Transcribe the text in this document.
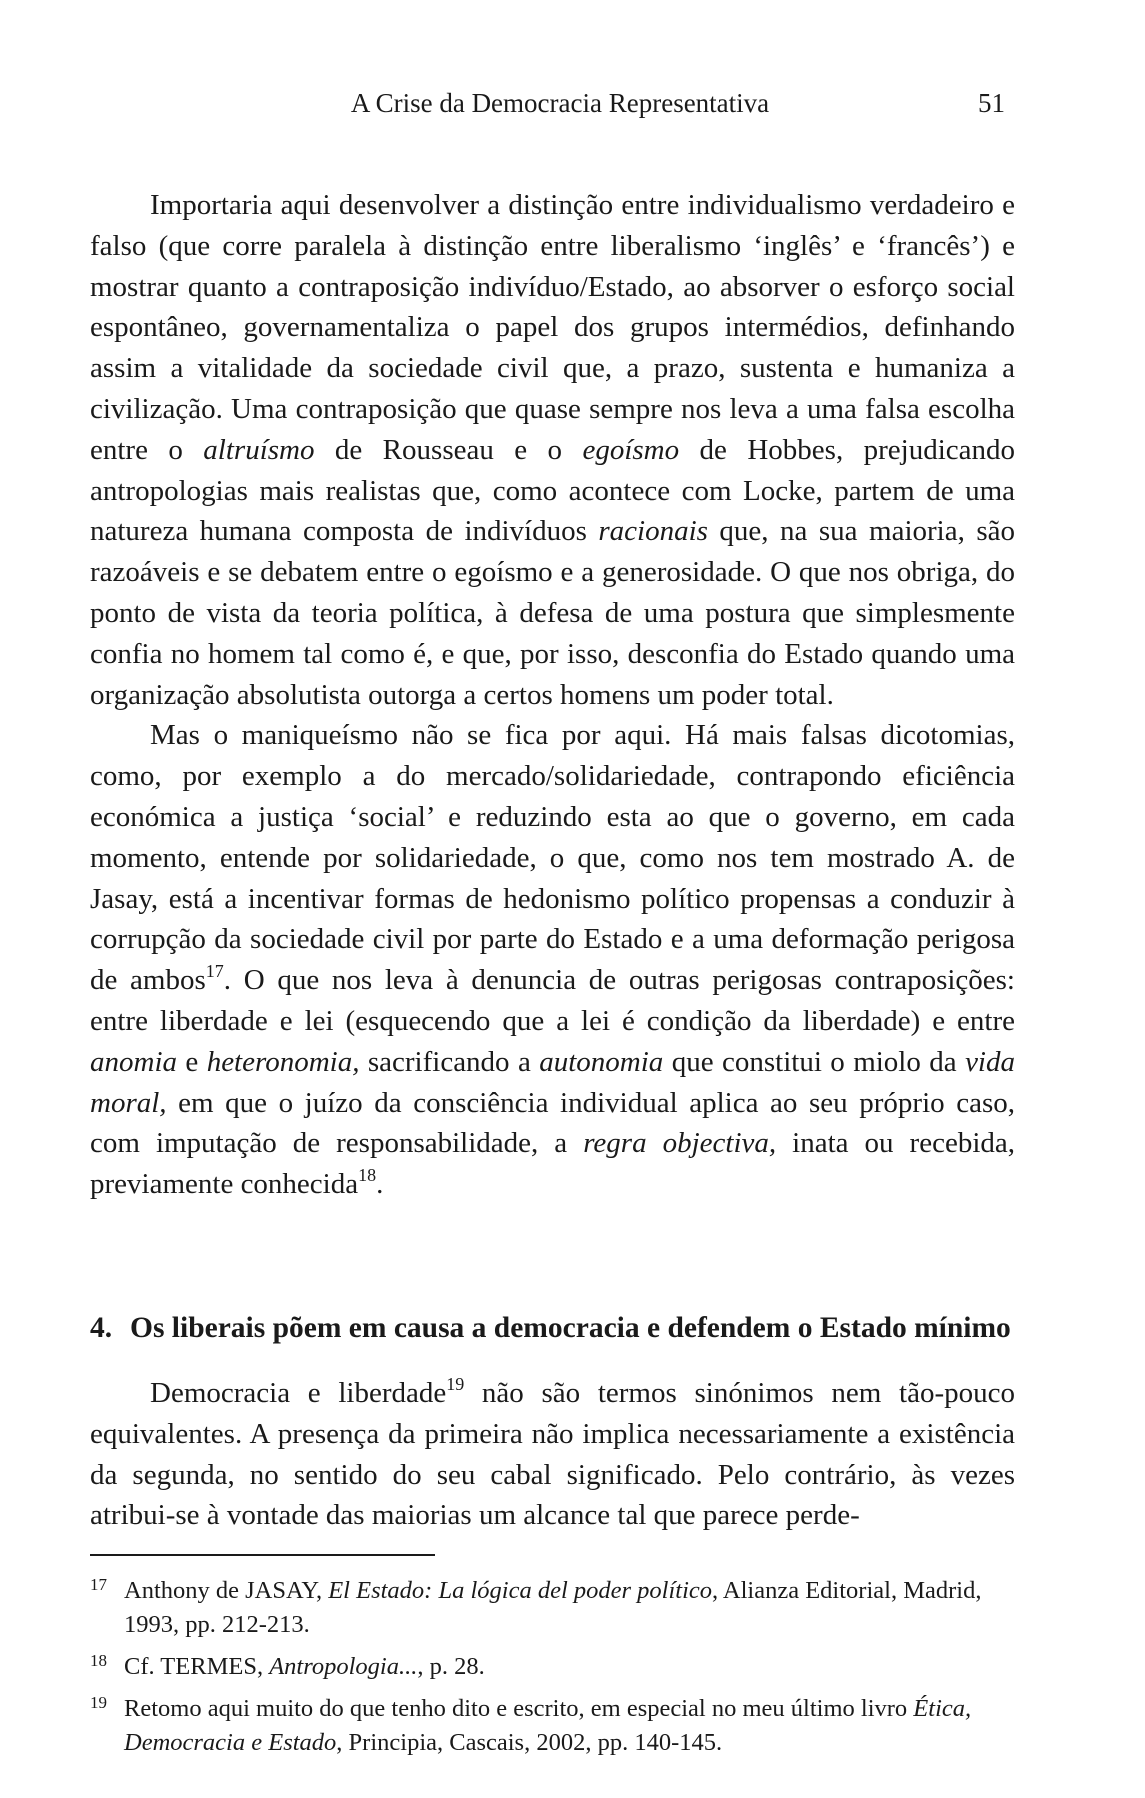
A Crise da Democracia Representativa	51

Importaria aqui desenvolver a distinção entre individualismo verdadeiro e falso (que corre paralela à distinção entre liberalismo ‘inglês’ e ‘francês’) e mostrar quanto a contraposição indivíduo/Estado, ao absorver o esforço social espontâneo, governamentaliza o papel dos grupos intermédios, definhando assim a vitalidade da sociedade civil que, a prazo, sustenta e humaniza a civilização. Uma contraposição que quase sempre nos leva a uma falsa escolha entre o altruísmo de Rousseau e o egoísmo de Hobbes, prejudicando antropologias mais realistas que, como acontece com Locke, partem de uma natureza humana composta de indivíduos racionais que, na sua maioria, são razoáveis e se debatem entre o egoísmo e a generosidade. O que nos obriga, do ponto de vista da teoria política, à defesa de uma postura que simplesmente confia no homem tal como é, e que, por isso, desconfia do Estado quando uma organização absolutista outorga a certos homens um poder total.

Mas o maniqueísmo não se fica por aqui. Há mais falsas dicotomias, como, por exemplo a do mercado/solidariedade, contrapondo eficiência económica a justiça ‘social’ e reduzindo esta ao que o governo, em cada momento, entende por solidariedade, o que, como nos tem mostrado A. de Jasay, está a incentivar formas de hedonismo político propensas a conduzir à corrupção da sociedade civil por parte do Estado e a uma deformação perigosa de ambos$^{17}$. O que nos leva à denuncia de outras perigosas contraposições: entre liberdade e lei (esquecendo que a lei é condição da liberdade) e entre anomia e heteronomia, sacrificando a autonomia que constitui o miolo da vida moral, em que o juízo da consciência individual aplica ao seu próprio caso, com imputação de responsabilidade, a regra objectiva, inata ou recebida, previamente conhecida$^{18}$.

4. Os liberais põem em causa a democracia e defendem o Estado mínimo

Democracia e liberdade$^{19}$ não são termos sinónimos nem tão-pouco equivalentes. A presença da primeira não implica necessariamente a existência da segunda, no sentido do seu cabal significado. Pelo contrário, às vezes atribui-se à vontade das maiorias um alcance tal que parece perde-

17 Anthony de JASAY, El Estado: La lógica del poder político, Alianza Editorial, Madrid, 1993, pp. 212-213.
18 Cf. TERMES, Antropologia..., p. 28.
19 Retomo aqui muito do que tenho dito e escrito, em especial no meu último livro Ética, Democracia e Estado, Principia, Cascais, 2002, pp. 140-145.
